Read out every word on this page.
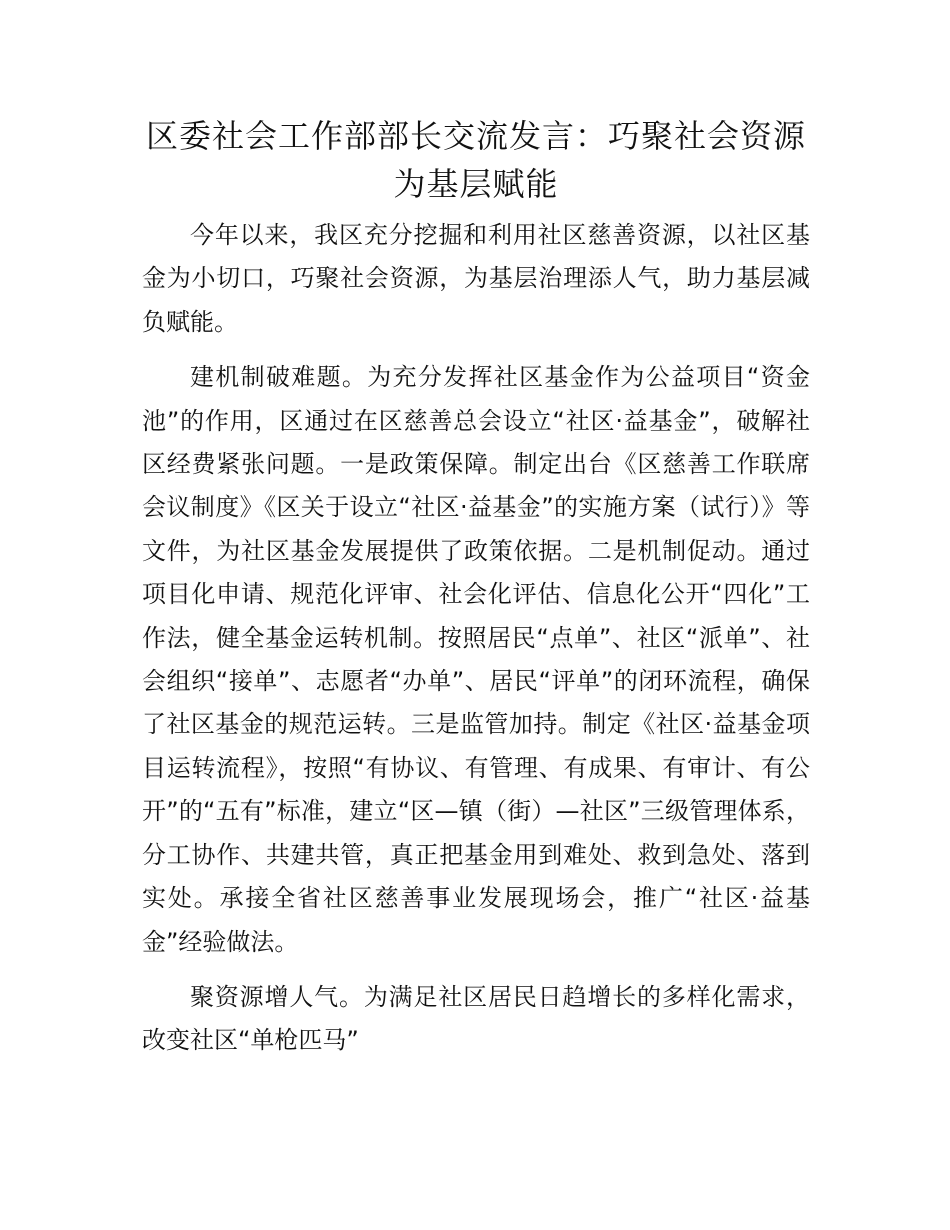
区委社会工作部部长交流发言：巧聚社会资源
为基层赋能

今年以来，我区充分挖掘和利用社区慈善资源，以社区基金为小切口，巧聚社会资源，为基层治理添人气，助力基层减负赋能。

建机制破难题。为充分发挥社区基金作为公益项目“资金池”的作用，区通过在区慈善总会设立“社区·益基金”，破解社区经费紧张问题。一是政策保障。制定出台《区慈善工作联席会议制度》《区关于设立“社区·益基金”的实施方案（试行）》等文件，为社区基金发展提供了政策依据。二是机制促动。通过项目化申请、规范化评审、社会化评估、信息化公开“四化”工作法，健全基金运转机制。按照居民“点单”、社区“派单”、社会组织“接单”、志愿者“办单”、居民“评单”的闭环流程，确保了社区基金的规范运转。三是监管加持。制定《社区·益基金项目运转流程》，按照“有协议、有管理、有成果、有审计、有公开”的“五有”标准，建立“区—镇（街）—社区”三级管理体系，分工协作、共建共管，真正把基金用到难处、救到急处、落到实处。承接全省社区慈善事业发展现场会，推广“社区·益基金”经验做法。

聚资源增人气。为满足社区居民日趋增长的多样化需求，改变社区“单枪匹马”
